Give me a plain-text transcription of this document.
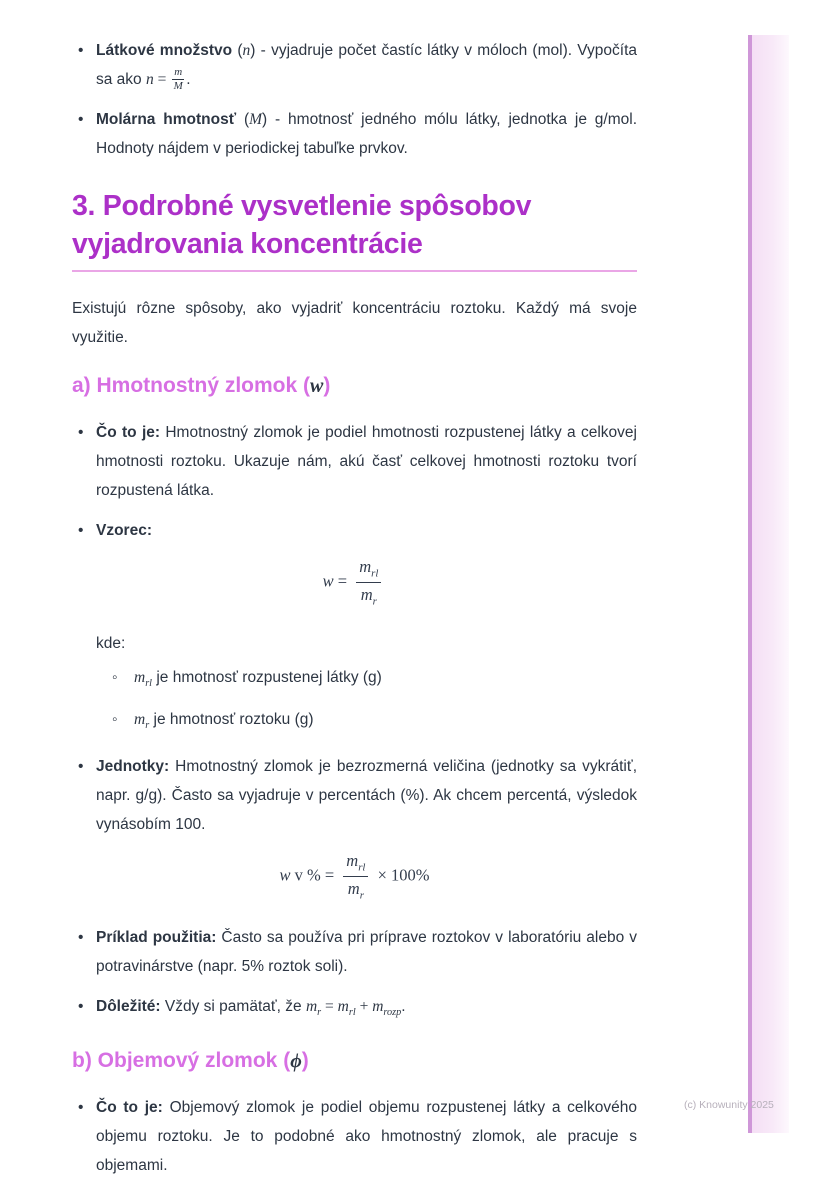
• Látkové množstvo (n) - vyjadruje počet častíc látky v móloch (mol). Vypočíta sa ako $n = \frac{m}{M}$ .
• Molárna hmotnosť (M) - hmotnosť jedného mólu látky, jednotka je g/mol. Hodnoty nájdem v periodickej tabuľke prvkov.
3. Podrobné vysvetlenie spôsobov vyjadrovania koncentrácie

Existujú rôzne spôsoby, ako vyjadriť koncentráciu roztoku. Každý má svoje využitie.

a) Hmotnostný zlomok (w)
• Čo to je: Hmotnostný zlomok je podiel hmotnosti rozpustenej látky a celkovej hmotnosti roztoku. Ukazuje nám, akú časť celkovej hmotnosti roztoku tvorí rozpustená látka.
• Vzorec:
$w = \frac{m_{rl}}{m_r}$
kde:
◦ $m_{rl}$ je hmotnosť rozpustenej látky (g)
◦ $m_r$ je hmotnosť roztoku (g)
• Jednotky: Hmotnostný zlomok je bezrozmerná veličina (jednotky sa vykrátiť, napr. g/g). Často sa vyjadruje v percentách (%). Ak chcem percentá, výsledok vynásobím 100.
w v % = $\frac{m_{rl}}{m_r} \times 100\%$
• Príklad použitia: Často sa používa pri príprave roztokov v laboratóriu alebo v potravinárstve (napr. 5% roztok soli).
• Dôležité: Vždy si pamätať, že $m_r = m_{rl} + m_{rozp}$.
b) Objemový zlomok (ϕ)
• Čo to je: Objemový zlomok je podiel objemu rozpustenej látky a celkového objemu roztoku. Je to podobné ako hmotnostný zlomok, ale pracuje s objemami.
(c) Knowunity 2025
